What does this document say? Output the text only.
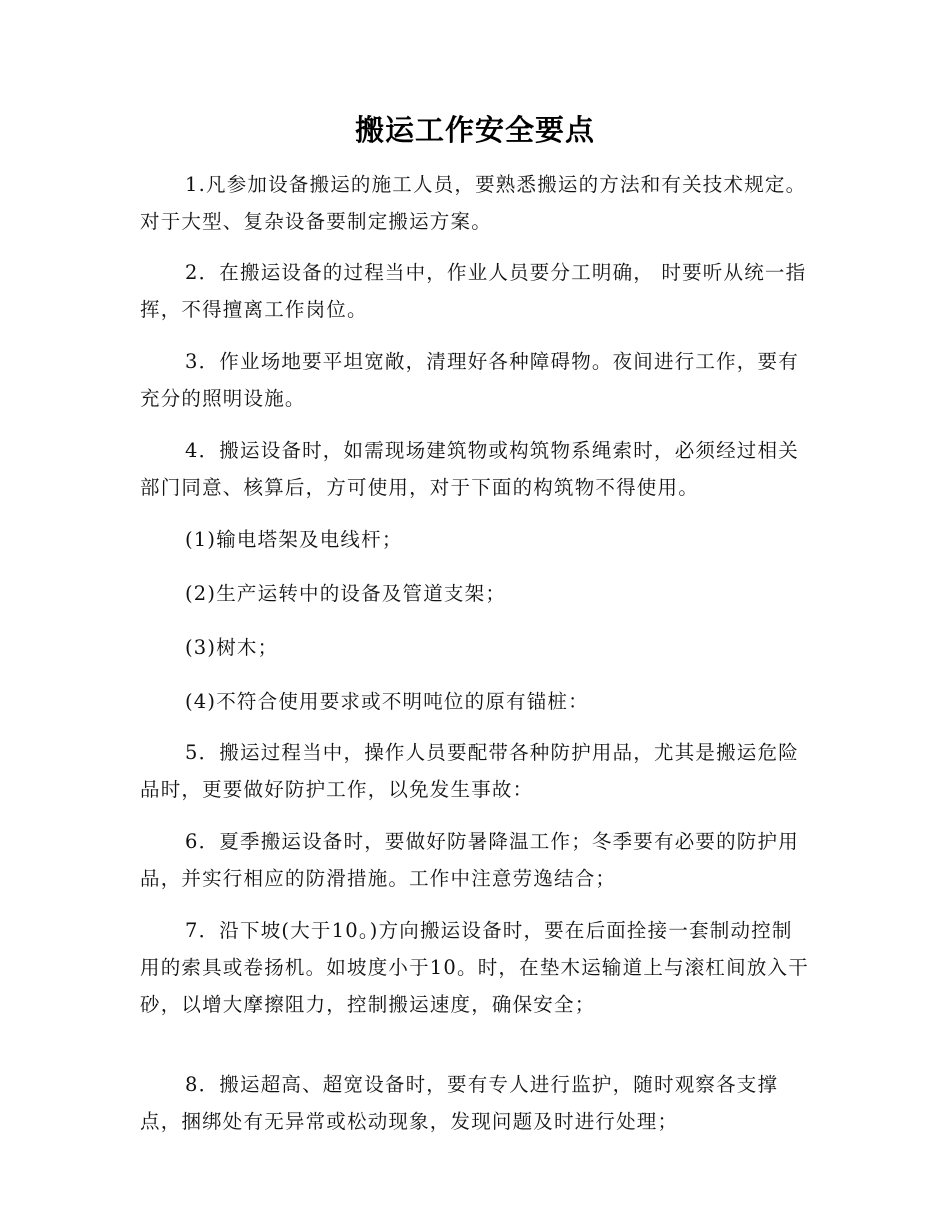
搬运工作安全要点

1.凡参加设备搬运的施工人员，要熟悉搬运的方法和有关技术规定。对于大型、复杂设备要制定搬运方案。

2．在搬运设备的过程当中，作业人员要分工明确， 时要听从统一指挥，不得擅离工作岗位。

3．作业场地要平坦宽敞，清理好各种障碍物。夜间进行工作，要有充分的照明设施。

4．搬运设备时，如需现场建筑物或构筑物系绳索时，必须经过相关部门同意、核算后，方可使用，对于下面的构筑物不得使用。

(1)输电塔架及电线杆；

(2)生产运转中的设备及管道支架；

(3)树木；

(4)不符合使用要求或不明吨位的原有锚桩：

5．搬运过程当中，操作人员要配带各种防护用品，尤其是搬运危险品时，更要做好防护工作，以免发生事故：

6．夏季搬运设备时，要做好防暑降温工作；冬季要有必要的防护用品，并实行相应的防滑措施。工作中注意劳逸结合；

7．沿下坡(大于10。)方向搬运设备时，要在后面拴接一套制动控制用的索具或卷扬机。如坡度小于10。时，在垫木运输道上与滚杠间放入干砂，以增大摩擦阻力，控制搬运速度，确保安全；

8．搬运超高、超宽设备时，要有专人进行监护，随时观察各支撑点，捆绑处有无异常或松动现象，发现问题及时进行处理；
